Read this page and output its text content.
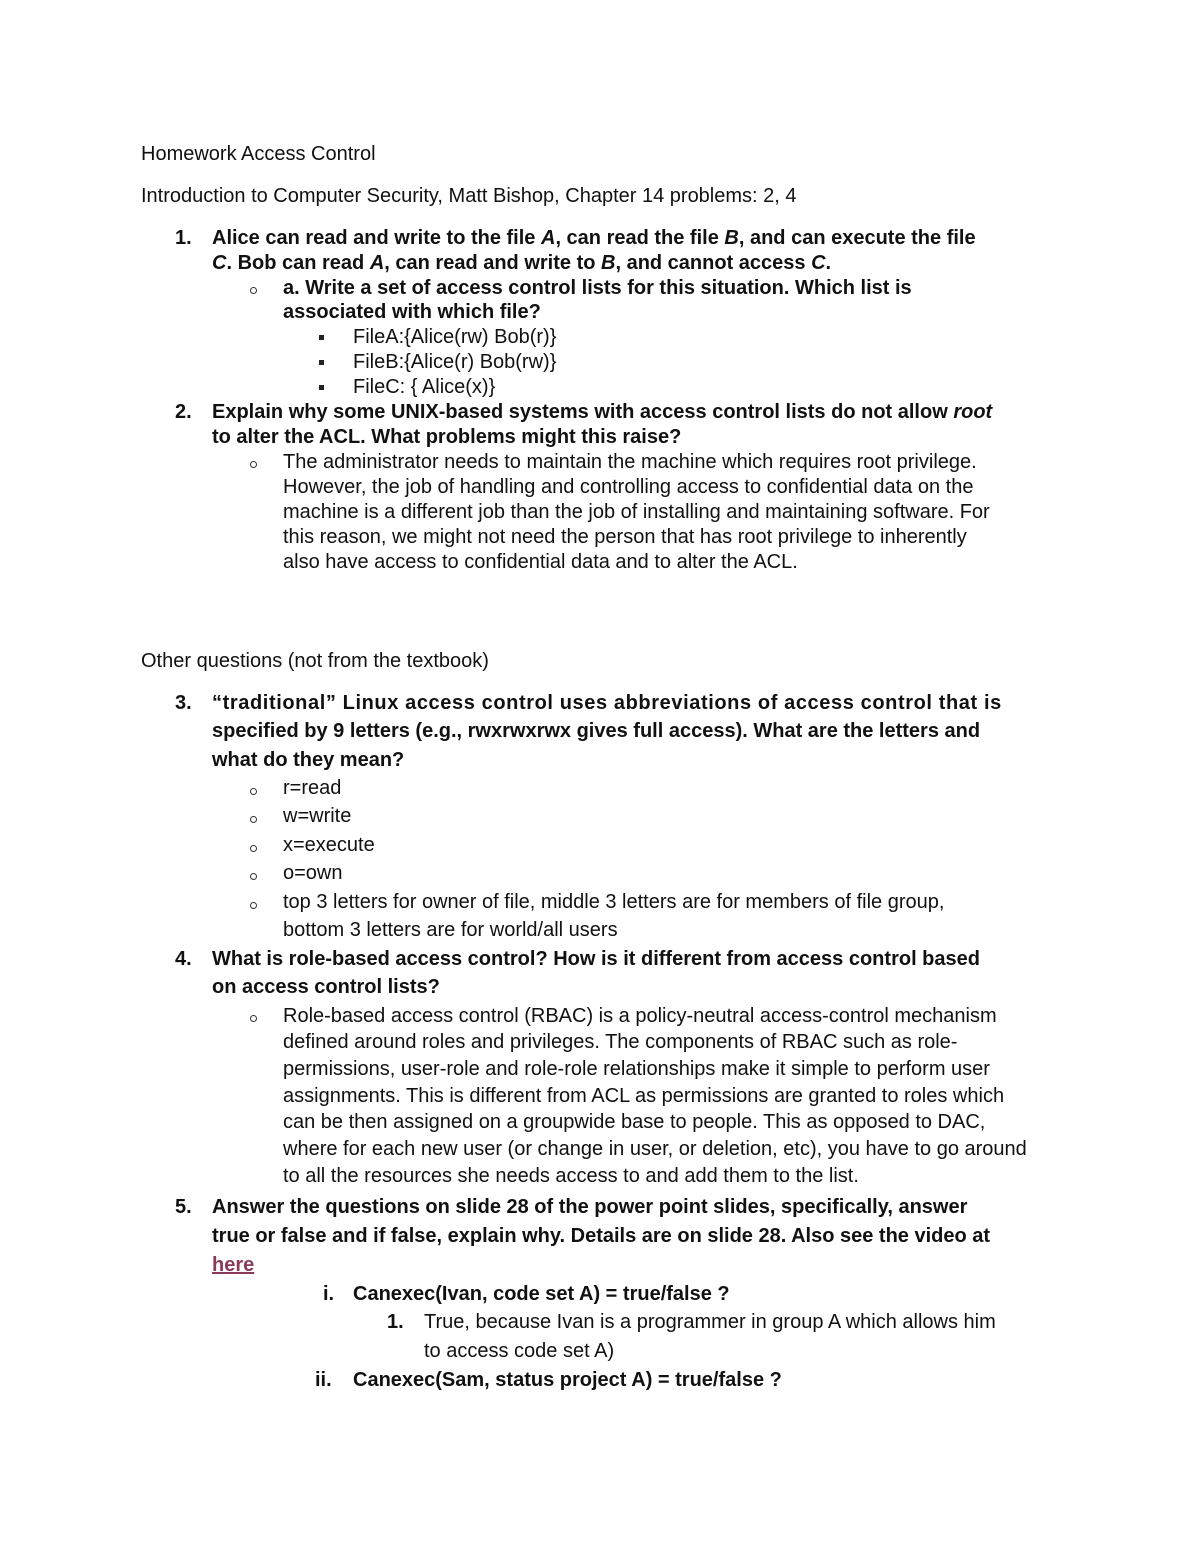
Homework Access Control
Introduction to Computer Security, Matt Bishop, Chapter 14 problems: 2, 4
1. Alice can read and write to the file A, can read the file B, and can execute the file
C. Bob can read A, can read and write to B, and cannot access C.
a. Write a set of access control lists for this situation. Which list is
associated with which file?
FileA:{Alice(rw) Bob(r)}
FileB:{Alice(r) Bob(rw)}
FileC: { Alice(x)}
2. Explain why some UNIX-based systems with access control lists do not allow root
to alter the ACL. What problems might this raise?
The administrator needs to maintain the machine which requires root privilege.
However, the job of handling and controlling access to confidential data on the
machine is a different job than the job of installing and maintaining software. For
this reason, we might not need the person that has root privilege to inherently
also have access to confidential data and to alter the ACL.
Other questions (not from the textbook)
3. “traditional” Linux access control uses abbreviations of access control that is
specified by 9 letters (e.g., rwxrwxrwx gives full access). What are the letters and
what do they mean?
r=read
w=write
x=execute
o=own
top 3 letters for owner of file, middle 3 letters are for members of file group,
bottom 3 letters are for world/all users
4. What is role-based access control? How is it different from access control based
on access control lists?
Role-based access control (RBAC) is a policy-neutral access-control mechanism
defined around roles and privileges. The components of RBAC such as role-
permissions, user-role and role-role relationships make it simple to perform user
assignments. This is different from ACL as permissions are granted to roles which
can be then assigned on a groupwide base to people. This as opposed to DAC,
where for each new user (or change in user, or deletion, etc), you have to go around
to all the resources she needs access to and add them to the list.
5. Answer the questions on slide 28 of the power point slides, specifically, answer
true or false and if false, explain why. Details are on slide 28. Also see the video at
here
i. Canexec(Ivan, code set A) = true/false ?
1. True, because Ivan is a programmer in group A which allows him
to access code set A)
ii. Canexec(Sam, status project A) = true/false ?
